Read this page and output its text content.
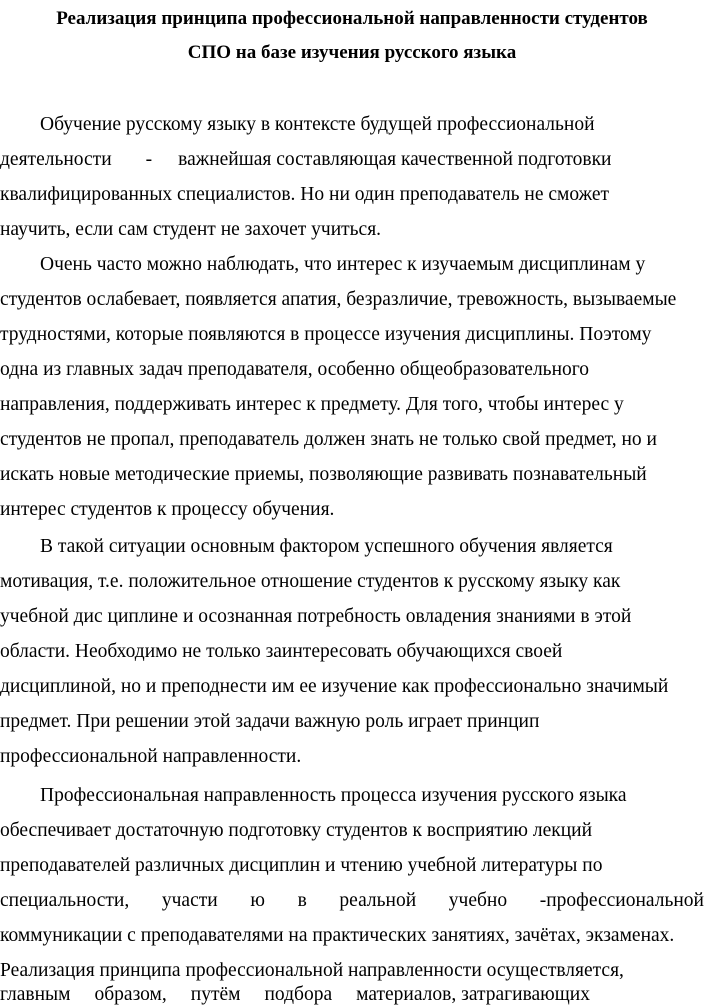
Реализация принципа профессиональной направленности студентов
СПО на базе изучения русского языка
Обучение русскому языку в контексте будущей профессиональной
деятельности - важнейшая составляющая качественной подготовки
квалифицированных специалистов. Но ни один преподаватель не сможет
научить, если сам студент не захочет учиться.
Очень часто можно наблюдать, что интерес к изучаемым дисциплинам у
студентов ослабевает, появляется апатия, безразличие, тревожность, вызываемые
трудностями, которые появляются в процессе изучения дисциплины. Поэтому
одна из главных задач преподавателя, особенно общеобразовательного
направления, поддерживать интерес к предмету. Для того, чтобы интерес у
студентов не пропал, преподаватель должен знать не только свой предмет, но и
искать новые методические приемы, позволяющие развивать познавательный
интерес студентов к процессу обучения.
В такой ситуации основным фактором успешного обучения является
мотивация, т.е. положительное отношение студентов к русскому языку как
учебной дис циплине и осознанная потребность овладения знаниями в этой
области. Необходимо не только заинтересовать обучающихся своей
дисциплиной, но и преподнести им ее изучение как профессионально значимый
предмет. При решении этой задачи важную роль играет принцип
профессиональной направленности.
Профессиональная направленность процесса изучения русского языка
обеспечивает достаточную подготовку студентов к восприятию лекций
преподавателей различных дисциплин и чтению учебной литературы по
специальности, участи ю в реальной учебно -профессиональной
коммуникации с преподавателями на практических занятиях, зачётах, экзаменах.
Реализация принципа профессиональной направленности осуществляется,
главным образом, путём подбора материалов, затрагивающих
